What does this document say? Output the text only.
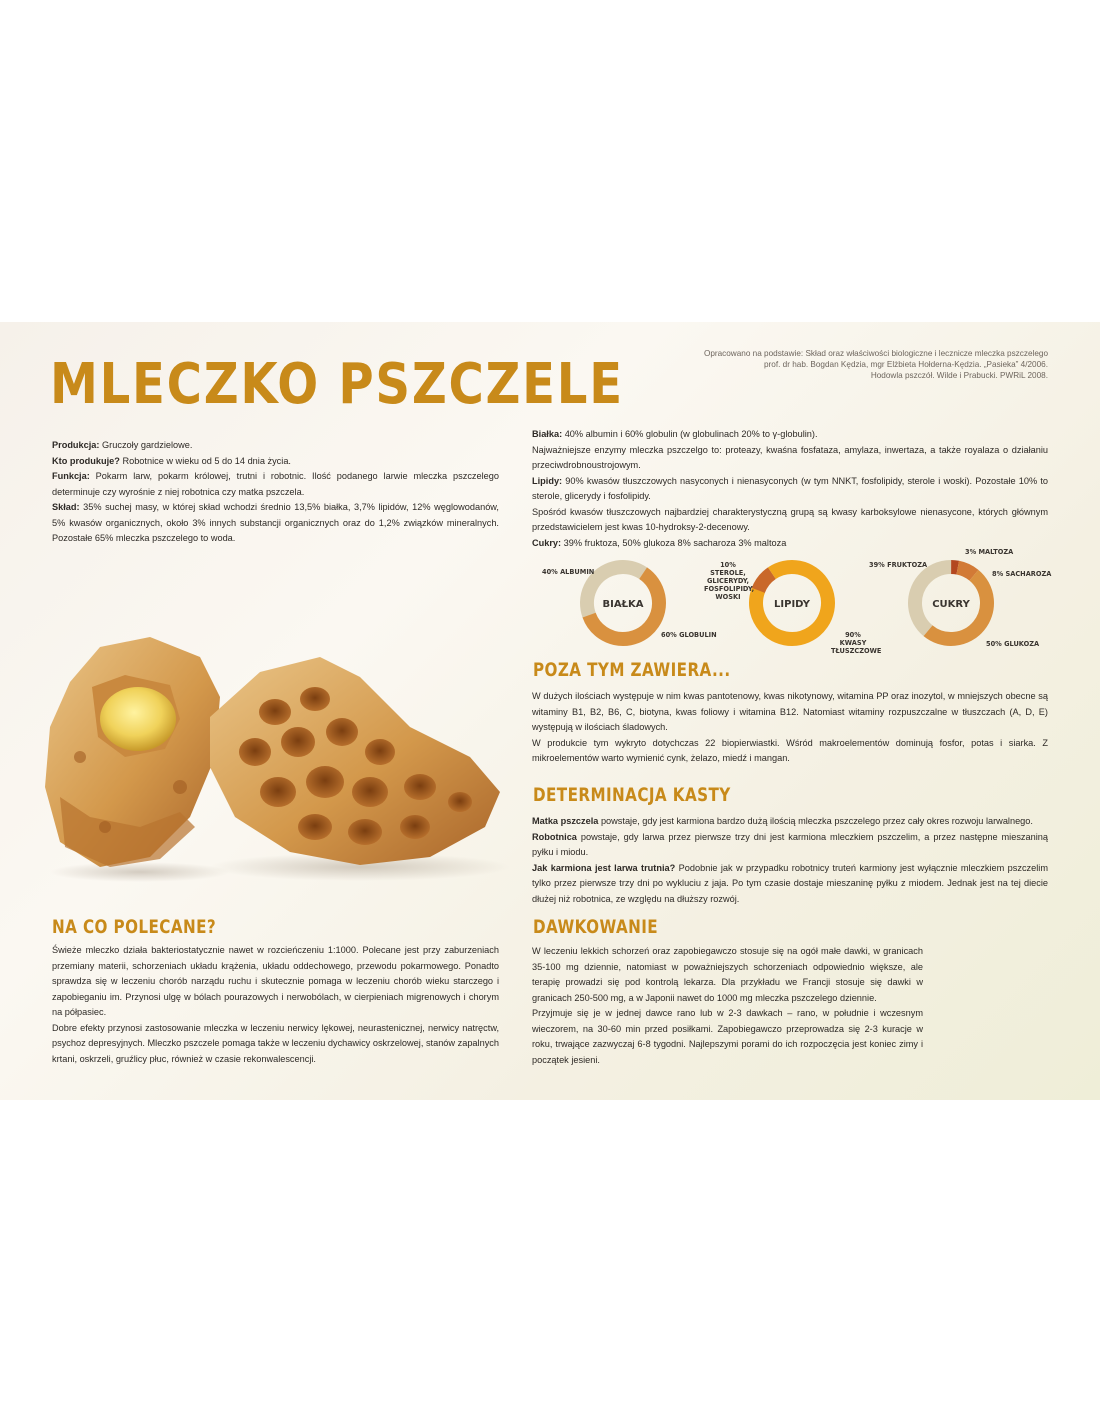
MLECZKO PSZCZELE	Opracowano na podstawie: Skład oraz właściwości biologiczne i lecznicze mleczka pszczelego
prof. dr hab. Bogdan Kędzia, mgr Elżbieta Hołderna-Kędzia. „Pasieka” 4/2006.
Hodowla pszczół. Wilde i Prabucki. PWRiL 2008.

Produkcja: Gruczoły gardzielowe.

Kto produkuje? Robotnice w wieku od 5 do 14 dnia życia.

Funkcja: Pokarm larw, pokarm królowej, trutni i robotnic. Ilość podanego larwie mleczka pszczelego determinuje czy wyrośnie z niej robotnica czy matka pszczela.

Skład: 35% suchej masy, w której skład wchodzi średnio 13,5% białka, 3,7% lipidów, 12% węglowodanów, 5% kwasów organicznych, około 3% innych substancji organicznych oraz do 1,2% związków mineralnych. Pozostałe 65% mleczka pszczelego to woda.

Białka: 40% albumin i 60% globulin (w globulinach 20% to γ-globulin).

Najważniejsze enzymy mleczka pszczelgo to: proteazy, kwaśna fosfataza, amylaza, inwertaza, a także royalaza o działaniu przeciwdrobnoustrojowym.

Lipidy: 90% kwasów tłuszczowych nasyconych i nienasyconych (w tym NNKT, fosfolipidy, sterole i woski). Pozostałe 10% to sterole, glicerydy i fosfolipidy.

Spośród kwasów tłuszczowych najbardziej charakterystyczną grupą są kwasy karboksylowe nienasycone, których głównym przedstawicielem jest kwas 10-hydroksy-2-decenowy.

Cukry: 39% fruktoza, 50% glukoza 8% sacharoza 3% maltoza

BIAŁKA	LIPIDY	CUKRY
40% ALBUMIN
60% GLOBULIN
10% STEROLE, GLICERYDY, FOSFOLIPIDY, WOSKI
90% KWASY TŁUSZCZOWE
3% MALTOZA
8% SACHAROZA
50% GLUKOZA
39% FRUKTOZA
POZA TYM ZAWIERA...

W dużych ilościach występuje w nim kwas pantotenowy, kwas nikotynowy, witamina PP oraz inozytol, w mniejszych obecne są witaminy B1, B2, B6, C, biotyna, kwas foliowy i witamina B12. Natomiast witaminy rozpuszczalne w tłuszczach (A, D, E) występują w ilościach śladowych.

W produkcie tym wykryto dotychczas 22 biopierwiastki. Wśród makroelementów dominują fosfor, potas i siarka. Z mikroelementów warto wymienić cynk, żelazo, miedź i mangan.

DETERMINACJA KASTY

Matka pszczela powstaje, gdy jest karmiona bardzo dużą ilością mleczka pszczelego przez cały okres rozwoju larwalnego.

Robotnica powstaje, gdy larwa przez pierwsze trzy dni jest karmiona mleczkiem pszczelim, a przez następne mieszaniną pyłku i miodu.

Jak karmiona jest larwa trutnia? Podobnie jak w przypadku robotnicy truteń karmiony jest wyłącznie mleczkiem pszczelim tylko przez pierwsze trzy dni po wykluciu z jaja. Po tym czasie dostaje mieszaninę pyłku z miodem. Jednak jest na tej diecie dłużej niż robotnica, ze względu na dłuższy rozwój.

NA CO POLECANE?

Świeże mleczko działa bakteriostatycznie nawet w rozcieńczeniu 1:1000. Polecane jest przy zaburzeniach przemiany materii, schorzeniach układu krążenia, układu oddechowego, przewodu pokarmowego. Ponadto sprawdza się w leczeniu chorób narządu ruchu i skutecznie pomaga w leczeniu chorób wieku starczego i zapobieganiu im. Przynosi ulgę w bólach pourazowych i nerwobólach, w cierpieniach migrenowych i chorym na półpasiec.

Dobre efekty przynosi zastosowanie mleczka w leczeniu nerwicy lękowej, neurastenicznej, nerwicy natręctw, psychoz depresyjnych. Mleczko pszczele pomaga także w leczeniu dychawicy oskrzelowej, stanów zapalnych krtani, oskrzeli, gruźlicy płuc, również w czasie rekonwalescencji.

DAWKOWANIE

W leczeniu lekkich schorzeń oraz zapobiegawczo stosuje się na ogół małe dawki, w granicach 35-100 mg dziennie, natomiast w poważniejszych schorzeniach odpowiednio większe, ale terapię prowadzi się pod kontrolą lekarza. Dla przykładu we Francji stosuje się dawki w granicach 250-500 mg, a w Japonii nawet do 1000 mg mleczka pszczelego dziennie.

Przyjmuje się je w jednej dawce rano lub w 2-3 dawkach – rano, w południe i wczesnym wieczorem, na 30-60 min przed posiłkami. Zapobiegawczo przeprowadza się 2-3 kuracje w roku, trwające zazwyczaj 6-8 tygodni. Najlepszymi porami do ich rozpoczęcia jest koniec zimy i początek jesieni.
